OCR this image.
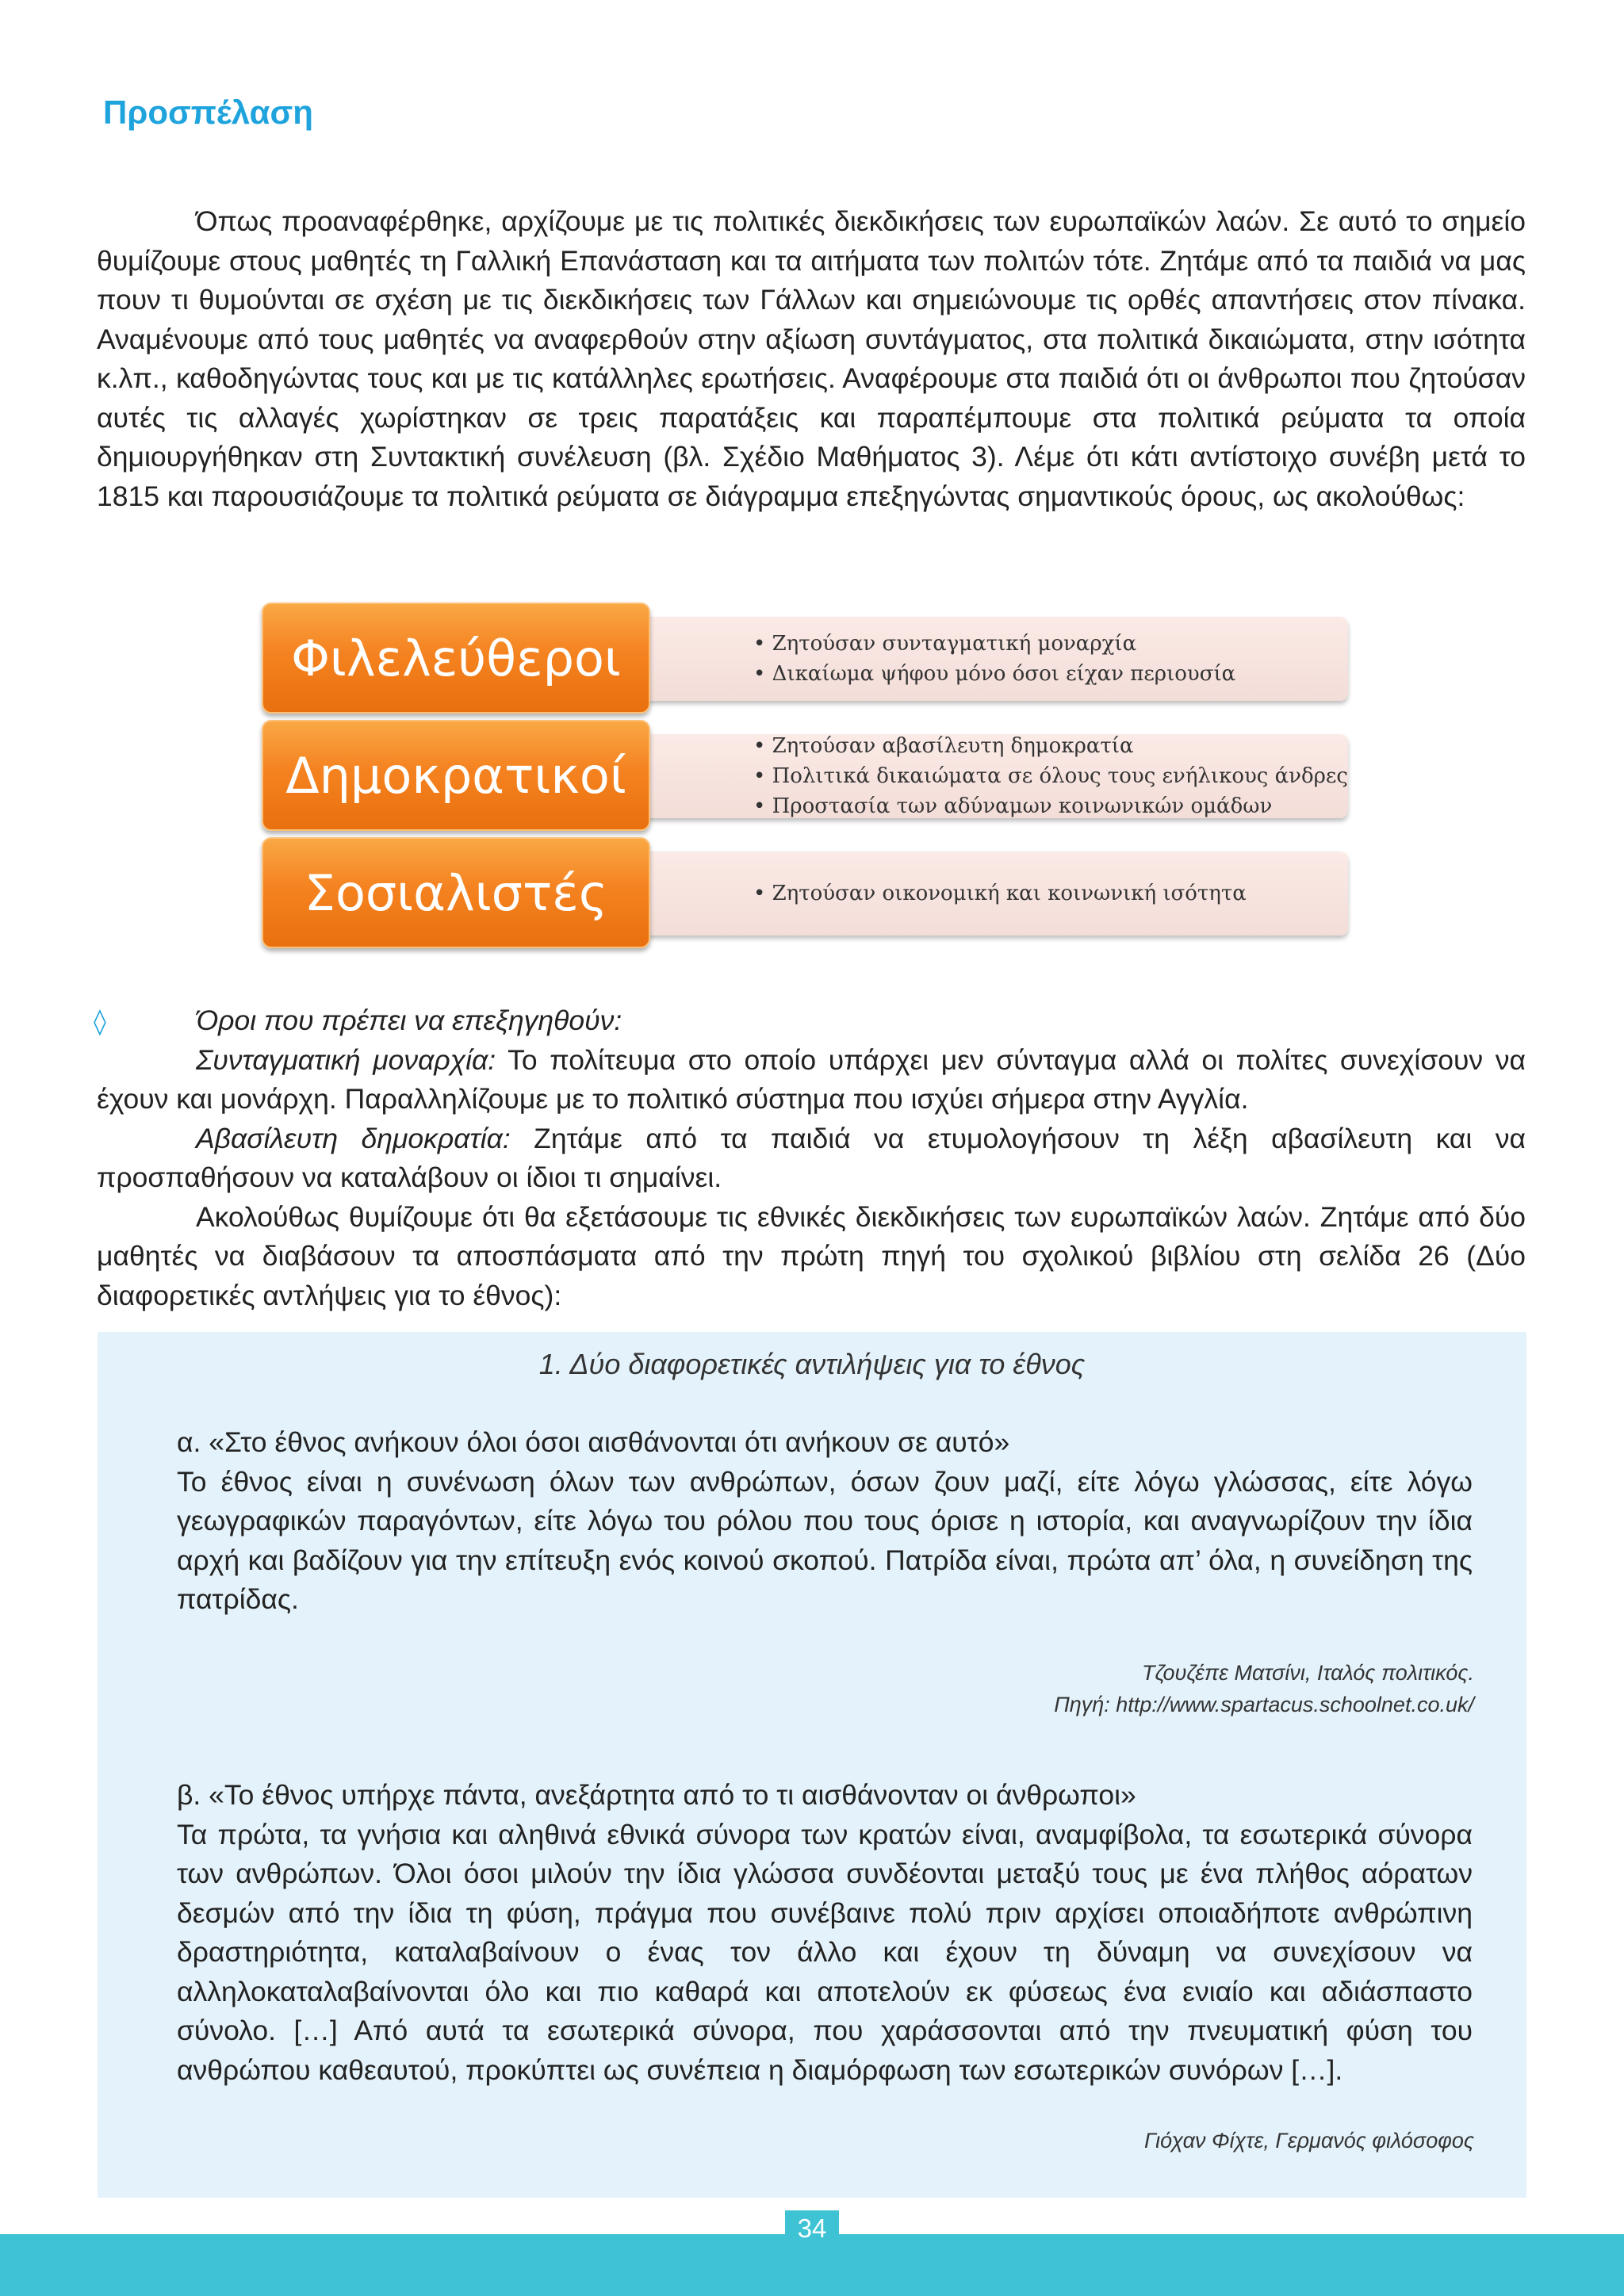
Προσπέλαση

Όπως προαναφέρθηκε, αρχίζουμε με τις πολιτικές διεκδικήσεις των ευρωπαϊκών λαών. Σε αυτό το σημείο θυμίζουμε στους μαθητές τη Γαλλική Επανάσταση και τα αιτήματα των πολιτών τότε. Ζητάμε από τα παιδιά να μας πουν τι θυμούνται σε σχέση με τις διεκδικήσεις των Γάλλων και σημειώνουμε τις ορθές απαντήσεις στον πίνακα. Αναμένουμε από τους μαθητές να αναφερθούν στην αξίωση συντάγματος, στα πολιτικά δικαιώματα, στην ισότητα κ.λπ., καθοδηγώντας τους και με τις κατάλληλες ερωτήσεις. Αναφέρουμε στα παιδιά ότι οι άνθρωποι που ζητούσαν αυτές τις αλλαγές χωρίστηκαν σε τρεις παρατάξεις και παραπέμπουμε στα πολιτικά ρεύματα τα οποία δημιουργήθηκαν στη Συντακτική συνέλευση (βλ. Σχέδιο Μαθήματος 3). Λέμε ότι κάτι αντίστοιχο συνέβη μετά το 1815 και παρουσιάζουμε τα πολιτικά ρεύματα σε διάγραμμα επεξηγώντας σημαντικούς όρους, ως ακολούθως:

• Ζητούσαν συνταγματική μοναρχία
• Δικαίωμα ψήφου μόνο όσοι είχαν περιουσία
Φιλελεύθεροι
• Ζητούσαν αβασίλευτη δημοκρατία
• Πολιτικά δικαιώματα σε όλους τους ενήλικους άνδρες
• Προστασία των αδύναμων κοινωνικών ομάδων
Δημοκρατικοί
• Ζητούσαν οικονομική και κοινωνική ισότητα
Σοσιαλιστές
◊	Όροι που πρέπει να επεξηγηθούν:

Συνταγματική μοναρχία: Το πολίτευμα στο οποίο υπάρχει μεν σύνταγμα αλλά οι πολίτες συνεχίσουν να έχουν και μονάρχη. Παραλληλίζουμε με το πολιτικό σύστημα που ισχύει σήμερα στην Αγγλία.

Αβασίλευτη δημοκρατία: Ζητάμε από τα παιδιά να ετυμολογήσουν τη λέξη αβασίλευτη και να προσπαθήσουν να καταλάβουν οι ίδιοι τι σημαίνει.

Ακολούθως θυμίζουμε ότι θα εξετάσουμε τις εθνικές διεκδικήσεις των ευρωπαϊκών λαών. Ζητάμε από δύο μαθητές να διαβάσουν τα αποσπάσματα από την πρώτη πηγή του σχολικού βιβλίου στη σελίδα 26 (Δύο διαφορετικές αντλήψεις για το έθνος):

1. Δύο διαφορετικές αντιλήψεις για το έθνος

α. «Στο έθνος ανήκουν όλοι όσοι αισθάνονται ότι ανήκουν σε αυτό»

Το έθνος είναι η συνένωση όλων των ανθρώπων, όσων ζουν μαζί, είτε λόγω γλώσσας, είτε λόγω γεωγραφικών παραγόντων, είτε λόγω του ρόλου που τους όρισε η ιστορία, και αναγνωρίζουν την ίδια αρχή και βαδίζουν για την επίτευξη ενός κοινού σκοπού. Πατρίδα είναι, πρώτα απ’ όλα, η συνείδηση της πατρίδας.

Τζουζέπε Ματσίνι, Ιταλός πολιτικός.
Πηγή: http://www.spartacus.schoolnet.co.uk/

β. «Το έθνος υπήρχε πάντα, ανεξάρτητα από το τι αισθάνονταν οι άνθρωποι»

Τα πρώτα, τα γνήσια και αληθινά εθνικά σύνορα των κρατών είναι, αναμφίβολα, τα εσωτερικά σύνορα των ανθρώπων. Όλοι όσοι μιλούν την ίδια γλώσσα συνδέονται μεταξύ τους με ένα πλήθος αόρατων δεσμών από την ίδια τη φύση, πράγμα που συνέβαινε πολύ πριν αρχίσει οποιαδήποτε ανθρώπινη δραστηριότητα, καταλαβαίνουν ο ένας τον άλλο και έχουν τη δύναμη να συνεχίσουν να αλληλοκαταλαβαίνονται όλο και πιο καθαρά και αποτελούν εκ φύσεως ένα ενιαίο και αδιάσπαστο σύνολο. […] Από αυτά τα εσωτερικά σύνορα, που χαράσσονται από την πνευματική φύση του ανθρώπου καθεαυτού, προκύπτει ως συνέπεια η διαμόρφωση των εσωτερικών συνόρων […].

Γιόχαν Φίχτε, Γερμανός φιλόσοφος
34
